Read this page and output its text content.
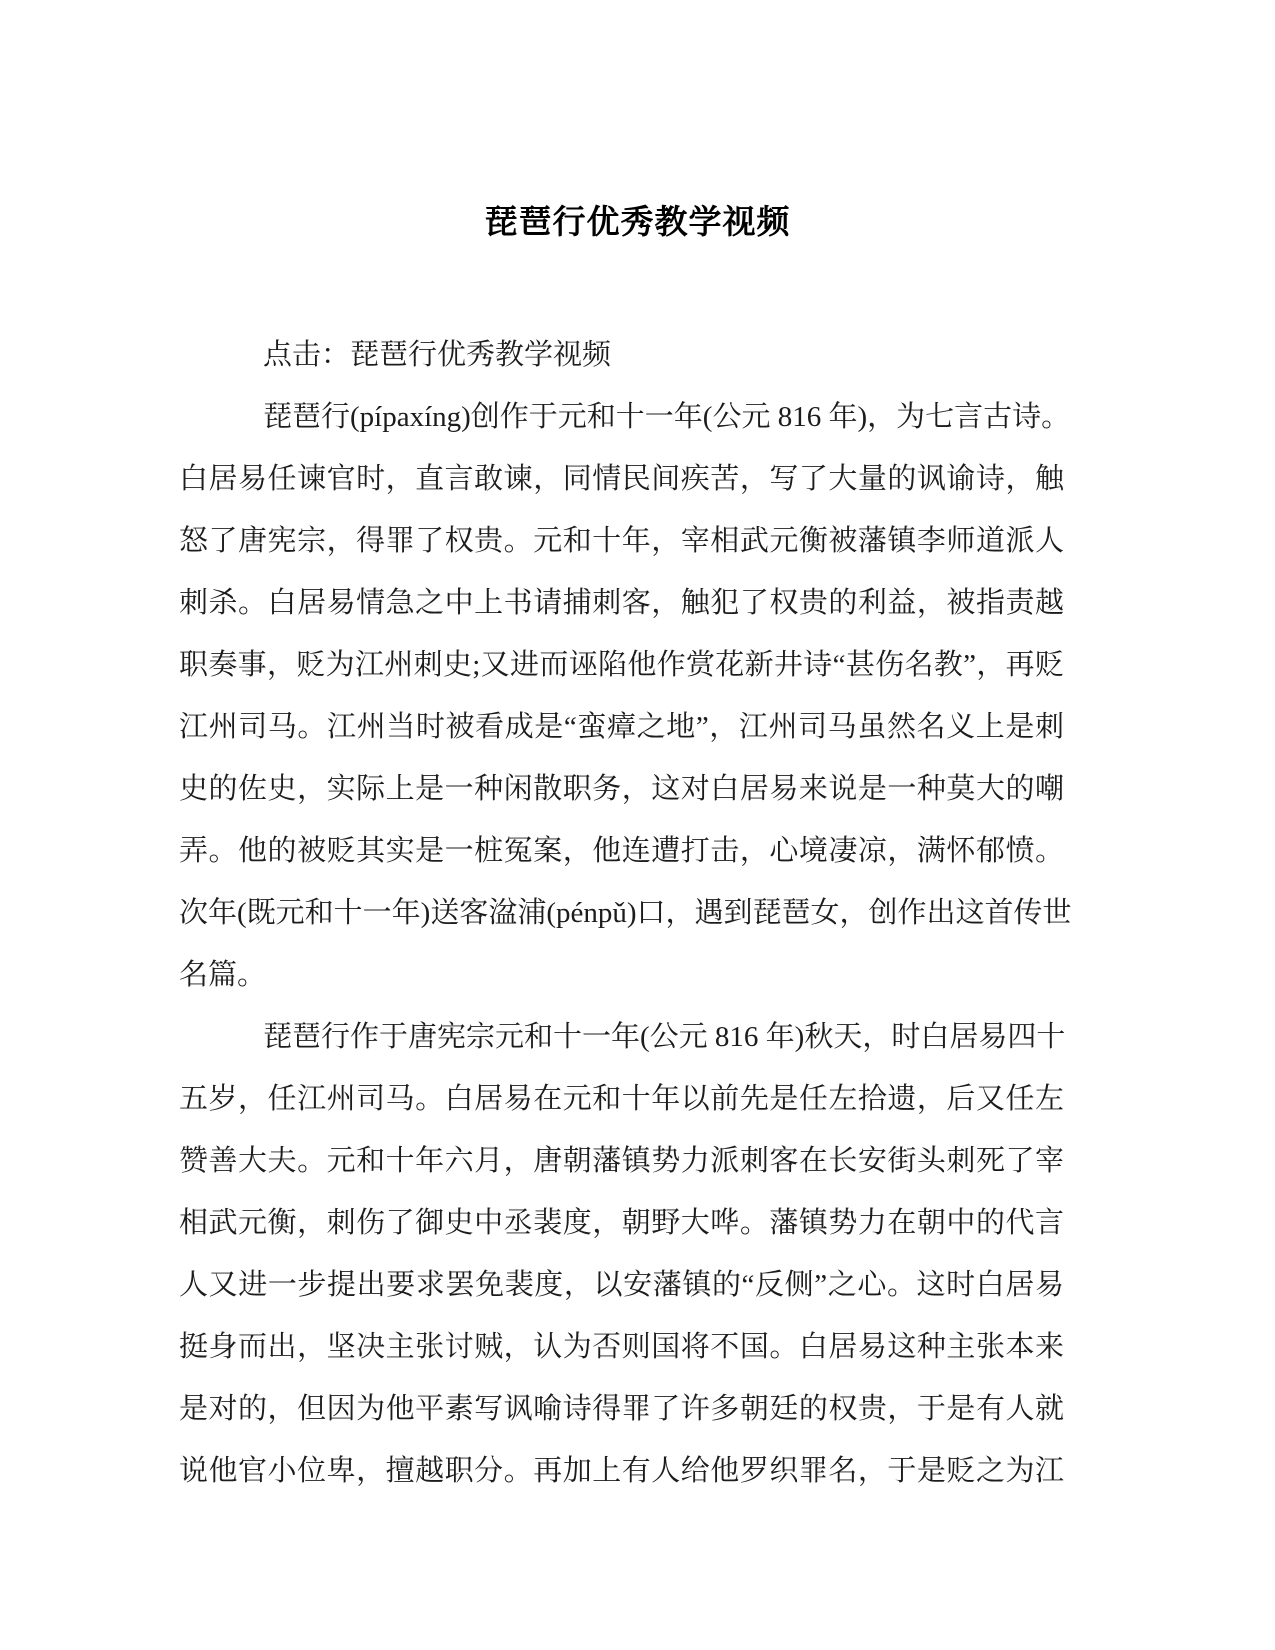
琵琶行优秀教学视频
点击：琵琶行优秀教学视频
琵琶行(pípaxíng)创作于元和十一年(公元 816 年)，为七言古诗。
白居易任谏官时，直言敢谏，同情民间疾苦，写了大量的讽谕诗，触
怒了唐宪宗，得罪了权贵。元和十年，宰相武元衡被藩镇李师道派人
刺杀。白居易情急之中上书请捕刺客，触犯了权贵的利益，被指责越
职奏事，贬为江州刺史;又进而诬陷他作赏花新井诗“甚伤名教”，再贬
江州司马。江州当时被看成是“蛮瘴之地”，江州司马虽然名义上是刺
史的佐史，实际上是一种闲散职务，这对白居易来说是一种莫大的嘲
弄。他的被贬其实是一桩冤案，他连遭打击，心境凄凉，满怀郁愤。
次年(既元和十一年)送客湓浦(pénpǔ)口，遇到琵琶女，创作出这首传世
名篇。
琵琶行作于唐宪宗元和十一年(公元 816 年)秋天，时白居易四十
五岁，任江州司马。白居易在元和十年以前先是任左拾遗，后又任左
赞善大夫。元和十年六月，唐朝藩镇势力派刺客在长安街头刺死了宰
相武元衡，刺伤了御史中丞裴度，朝野大哗。藩镇势力在朝中的代言
人又进一步提出要求罢免裴度，以安藩镇的“反侧”之心。这时白居易
挺身而出，坚决主张讨贼，认为否则国将不国。白居易这种主张本来
是对的，但因为他平素写讽喻诗得罪了许多朝廷的权贵，于是有人就
说他官小位卑，擅越职分。再加上有人给他罗织罪名，于是贬之为江
